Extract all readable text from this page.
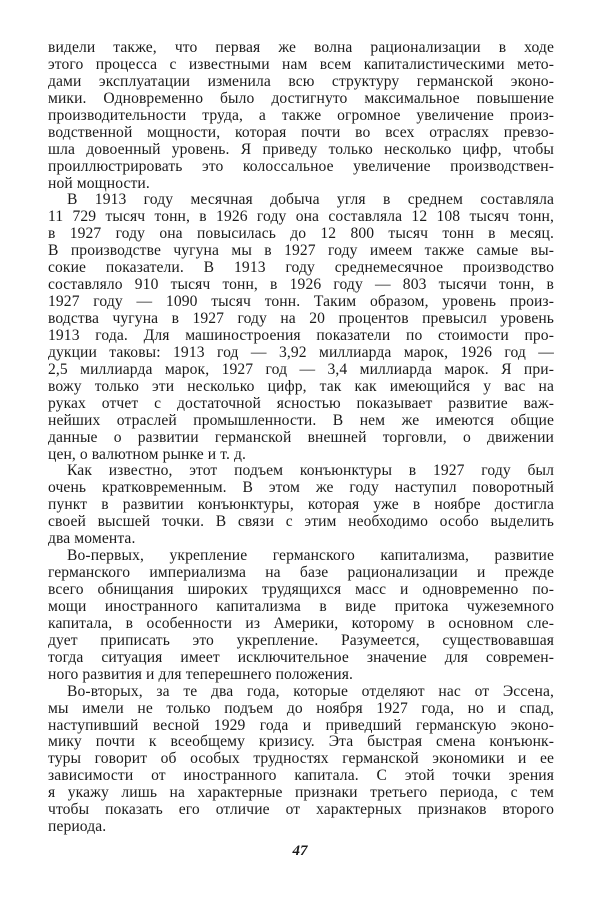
видели также, что первая же волна рационализации в ходе
этого процесса с известными нам всем капиталистическими мето-
дами эксплуатации изменила всю структуру германской эконо-
мики. Одновременно было достигнуто максимальное повышение
производительности труда, а также огромное увеличение произ-
водственной мощности, которая почти во всех отраслях превзо-
шла довоенный уровень. Я приведу только несколько цифр, чтобы
проиллюстрировать это колоссальное увеличение производствен-
ной мощности.

В 1913 году месячная добыча угля в среднем составляла
11 729 тысяч тонн, в 1926 году она составляла 12 108 тысяч тонн,
в 1927 году она повысилась до 12 800 тысяч тонн в месяц.
В производстве чугуна мы в 1927 году имеем также самые вы-
сокие показатели. В 1913 году среднемесячное производство
составляло 910 тысяч тонн, в 1926 году — 803 тысячи тонн, в
1927 году — 1090 тысяч тонн. Таким образом, уровень произ-
водства чугуна в 1927 году на 20 процентов превысил уровень
1913 года. Для машиностроения показатели по стоимости про-
дукции таковы: 1913 год — 3,92 миллиарда марок, 1926 год —
2,5 миллиарда марок, 1927 год — 3,4 миллиарда марок. Я при-
вожу только эти несколько цифр, так как имеющийся у вас на
руках отчет с достаточной ясностью показывает развитие важ-
нейших отраслей промышленности. В нем же имеются общие
данные о развитии германской внешней торговли, о движении
цен, о валютном рынке и т. д.

Как известно, этот подъем конъюнктуры в 1927 году был
очень кратковременным. В этом же году наступил поворотный
пункт в развитии конъюнктуры, которая уже в ноябре достигла
своей высшей точки. В связи с этим необходимо особо выделить
два момента.

Во-первых, укрепление германского капитализма, развитие
германского империализма на базе рационализации и прежде
всего обнищания широких трудящихся масс и одновременно по-
мощи иностранного капитализма в виде притока чужеземного
капитала, в особенности из Америки, которому в основном сле-
дует приписать это укрепление. Разумеется, существовавшая
тогда ситуация имеет исключительное значение для современ-
ного развития и для теперешнего положения.

Во-вторых, за те два года, которые отделяют нас от Эссена,
мы имели не только подъем до ноября 1927 года, но и спад,
наступивший весной 1929 года и приведший германскую эконо-
мику почти к всеобщему кризису. Эта быстрая смена конъюнк-
туры говорит об особых трудностях германской экономики и ее
зависимости от иностранного капитала. С этой точки зрения
я укажу лишь на характерные признаки третьего периода, с тем
чтобы показать его отличие от характерных признаков второго
периода.

47
